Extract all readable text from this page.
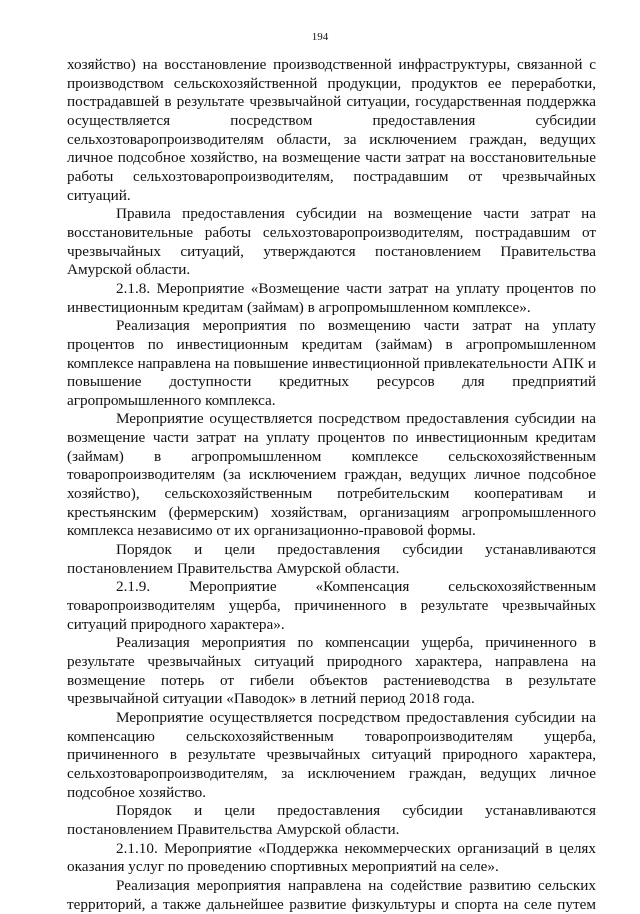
194

хозяйство) на восстановление производственной инфраструктуры, связанной с производством сельскохозяйственной продукции, продуктов ее переработки, пострадавшей в результате чрезвычайной ситуации, государственная поддержка осуществляется посредством предоставления субсидии сельхозтоваропроизводителям области, за исключением граждан, ведущих личное подсобное хозяйство, на возмещение части затрат на восстановительные работы сельхозтоваропроизводителям, пострадавшим от чрезвычайных ситуаций.

Правила предоставления субсидии на возмещение части затрат на восстановительные работы сельхозтоваропроизводителям, пострадавшим от чрезвычайных ситуаций, утверждаются постановлением Правительства Амурской области.

2.1.8. Мероприятие «Возмещение части затрат на уплату процентов по инвестиционным кредитам (займам) в агропромышленном комплексе».

Реализация мероприятия по возмещению части затрат на уплату процентов по инвестиционным кредитам (займам) в агропромышленном комплексе направлена на повышение инвестиционной привлекательности АПК и повышение доступности кредитных ресурсов для предприятий агропромышленного комплекса.

Мероприятие осуществляется посредством предоставления субсидии на возмещение части затрат на уплату процентов по инвестиционным кредитам (займам) в агропромышленном комплексе сельскохозяйственным товаропроизводителям (за исключением граждан, ведущих личное подсобное хозяйство), сельскохозяйственным потребительским кооперативам и крестьянским (фермерским) хозяйствам, организациям агропромышленного комплекса независимо от их организационно-правовой формы.

Порядок и цели предоставления субсидии устанавливаются постановлением Правительства Амурской области.

2.1.9. Мероприятие «Компенсация сельскохозяйственным товаропроизводителям ущерба, причиненного в результате чрезвычайных ситуаций природного характера».

Реализация мероприятия по компенсации ущерба, причиненного в результате чрезвычайных ситуаций природного характера, направлена на возмещение потерь от гибели объектов растениеводства в результате чрезвычайной ситуации «Паводок» в летний период 2018 года.

Мероприятие осуществляется посредством предоставления субсидии на компенсацию сельскохозяйственным товаропроизводителям ущерба, причиненного в результате чрезвычайных ситуаций природного характера, сельхозтоваропроизводителям, за исключением граждан, ведущих личное подсобное хозяйство.

Порядок и цели предоставления субсидии устанавливаются постановлением Правительства Амурской области.

2.1.10. Мероприятие «Поддержка некоммерческих организаций в целях оказания услуг по проведению спортивных мероприятий на селе».

Реализация мероприятия направлена на содействие развитию сельских территорий, а также дальнейшее развитие физкультуры и спорта на селе путем
